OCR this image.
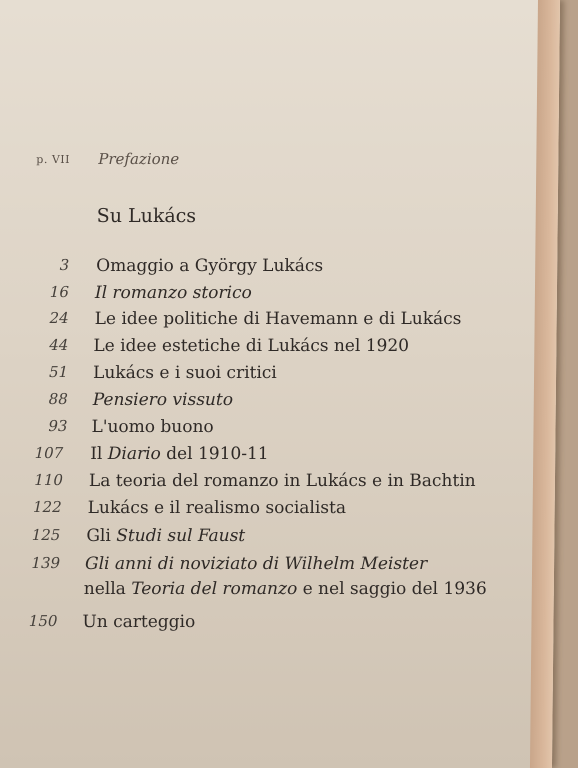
p. VII Prefazione
Su Lukács
3 Omaggio a György Lukács
16 Il romanzo storico
24 Le idee politiche di Havemann e di Lukács
44 Le idee estetiche di Lukács nel 1920
51 Lukács e i suoi critici
88 Pensiero vissuto
93 L'uomo buono
107 Il Diario del 1910-11
110 La teoria del romanzo in Lukács e in Bachtin
122 Lukács e il realismo socialista
125 Gli Studi sul Faust
139 Gli anni di noviziato di Wilhelm Meister
nella Teoria del romanzo e nel saggio del 1936
150 Un carteggio
